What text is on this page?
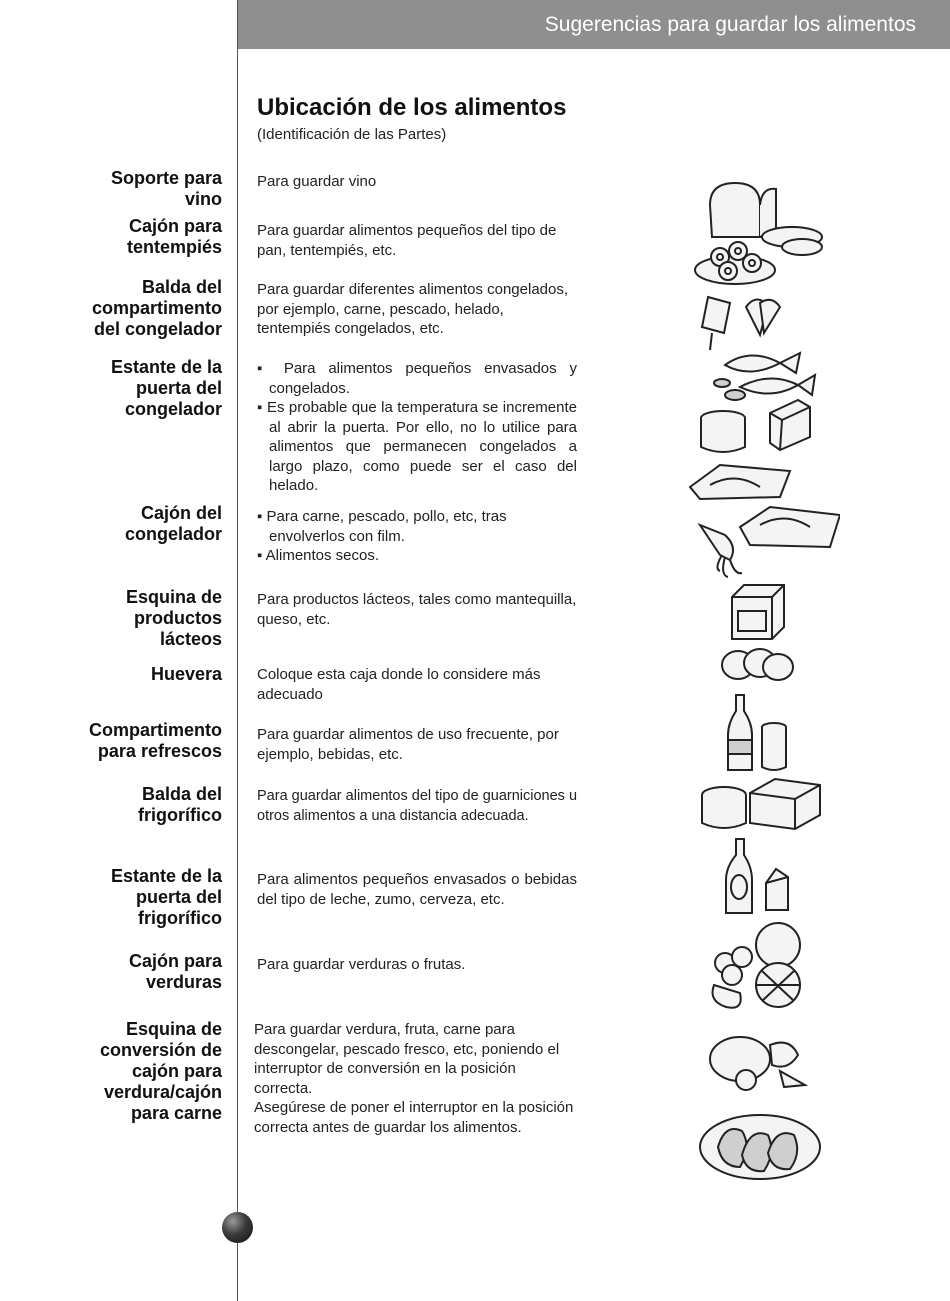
Sugerencias para guardar los alimentos
Ubicación de los alimentos
(Identificación de las Partes)
Soporte para
vino
Para guardar vino
Cajón para
tentempiés
Para guardar alimentos pequeños del tipo de pan, tentempiés, etc.
Balda del
compartimento
del congelador
Para guardar diferentes alimentos congelados, por ejemplo, carne, pescado, helado, tentempiés congelados, etc.
Estante de la
puerta del
congelador
▪ Para alimentos pequeños envasados y congelados.
▪ Es probable que la temperatura se incremente al abrir la puerta. Por ello, no lo utilice para alimentos que permanecen congelados a largo plazo, como puede ser el caso del helado.
Cajón del
congelador
▪ Para carne, pescado, pollo, etc, tras envolverlos con film.
▪ Alimentos secos.
Esquina de
productos
lácteos
Para productos lácteos, tales como mantequilla, queso, etc.
Huevera Coloque esta caja donde lo considere más adecuado
Compartimento
para refrescos
Para guardar alimentos de uso frecuente, por ejemplo, bebidas, etc.
Balda del
frigorífico
Para guardar alimentos del tipo de guarniciones u otros alimentos a una distancia adecuada.
Estante de la
puerta del
frigorífico
Para alimentos pequeños envasados o bebidas del tipo de leche, zumo, cerveza, etc.
Cajón para
verduras
Para guardar verduras o frutas.
Esquina de
conversión de
cajón para
verdura/cajón
para carne
Para guardar verdura, fruta, carne para descongelar, pescado fresco, etc, poniendo el interruptor de conversión en la posición correcta.
Asegúrese de poner el interruptor en la posición correcta antes de guardar los alimentos.
